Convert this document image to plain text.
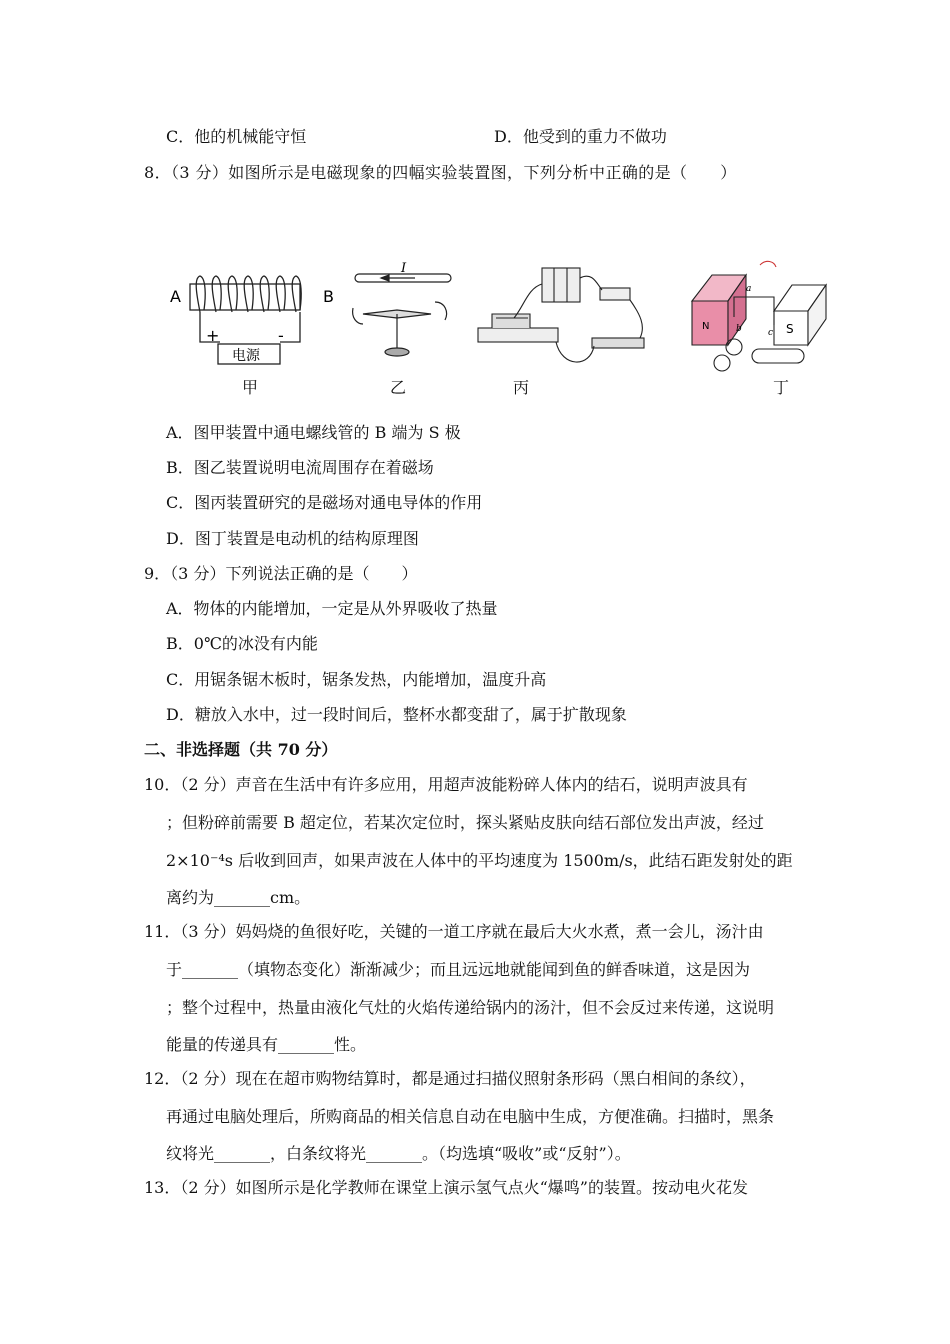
C．他的机械能守恒	D．他受到的重力不做功
8．（3 分）如图所示是电磁现象的四幅实验装置图，下列分析中正确的是（　　）
A	B
+	-
电源
甲
I
乙	丙
N	S
a
b	c
丁
A．图甲装置中通电螺线管的 B 端为 S 极
B．图乙装置说明电流周围存在着磁场
C．图丙装置研究的是磁场对通电导体的作用
D．图丁装置是电动机的结构原理图
9．（3 分）下列说法正确的是（　　）
A．物体的内能增加，一定是从外界吸收了热量
B．0℃的冰没有内能
C．用锯条锯木板时，锯条发热，内能增加，温度升高
D．糖放入水中，过一段时间后，整杯水都变甜了，属于扩散现象
二、非选择题（共 70 分）
10．（2 分）声音在生活中有许多应用，用超声波能粉碎人体内的结石，说明声波具有
；但粉碎前需要 B 超定位，若某次定位时，探头紧贴皮肤向结石部位发出声波，经过
2×10⁻⁴s 后收到回声，如果声波在人体中的平均速度为 1500m/s，此结石距发射处的距
离约为_______cm。
11．（3 分）妈妈烧的鱼很好吃，关键的一道工序就在最后大火水煮，煮一会儿，汤汁由
于_______（填物态变化）渐渐减少；而且远远地就能闻到鱼的鲜香味道，这是因为
；整个过程中，热量由液化气灶的火焰传递给锅内的汤汁，但不会反过来传递，这说明
能量的传递具有_______性。
12．（2 分）现在在超市购物结算时，都是通过扫描仪照射条形码（黑白相间的条纹），
再通过电脑处理后，所购商品的相关信息自动在电脑中生成，方便准确。扫描时，黑条
纹将光_______，白条纹将光_______。（均选填“吸收”或“反射”）。
13．（2 分）如图所示是化学教师在课堂上演示氢气点火“爆鸣”的装置。按动电火花发
